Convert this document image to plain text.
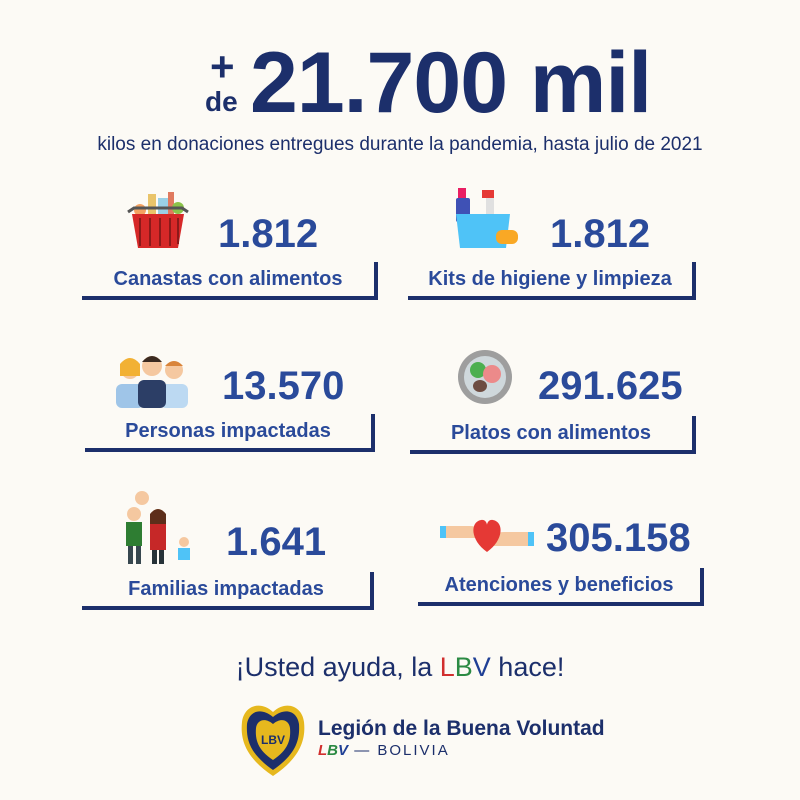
+
de 21.700 mil
kilos en donaciones entregues durante la pandemia, hasta julio de 2021
1.812
Canastas con alimentos
1.812
Kits de higiene y limpieza
13.570
Personas impactadas
291.625
Platos con alimentos
1.641
Familias impactadas
305.158
Atenciones y beneficios
¡Usted ayuda, la LBV hace!
LBV Legión de la Buena Voluntad
LBV — BOLIVIA
